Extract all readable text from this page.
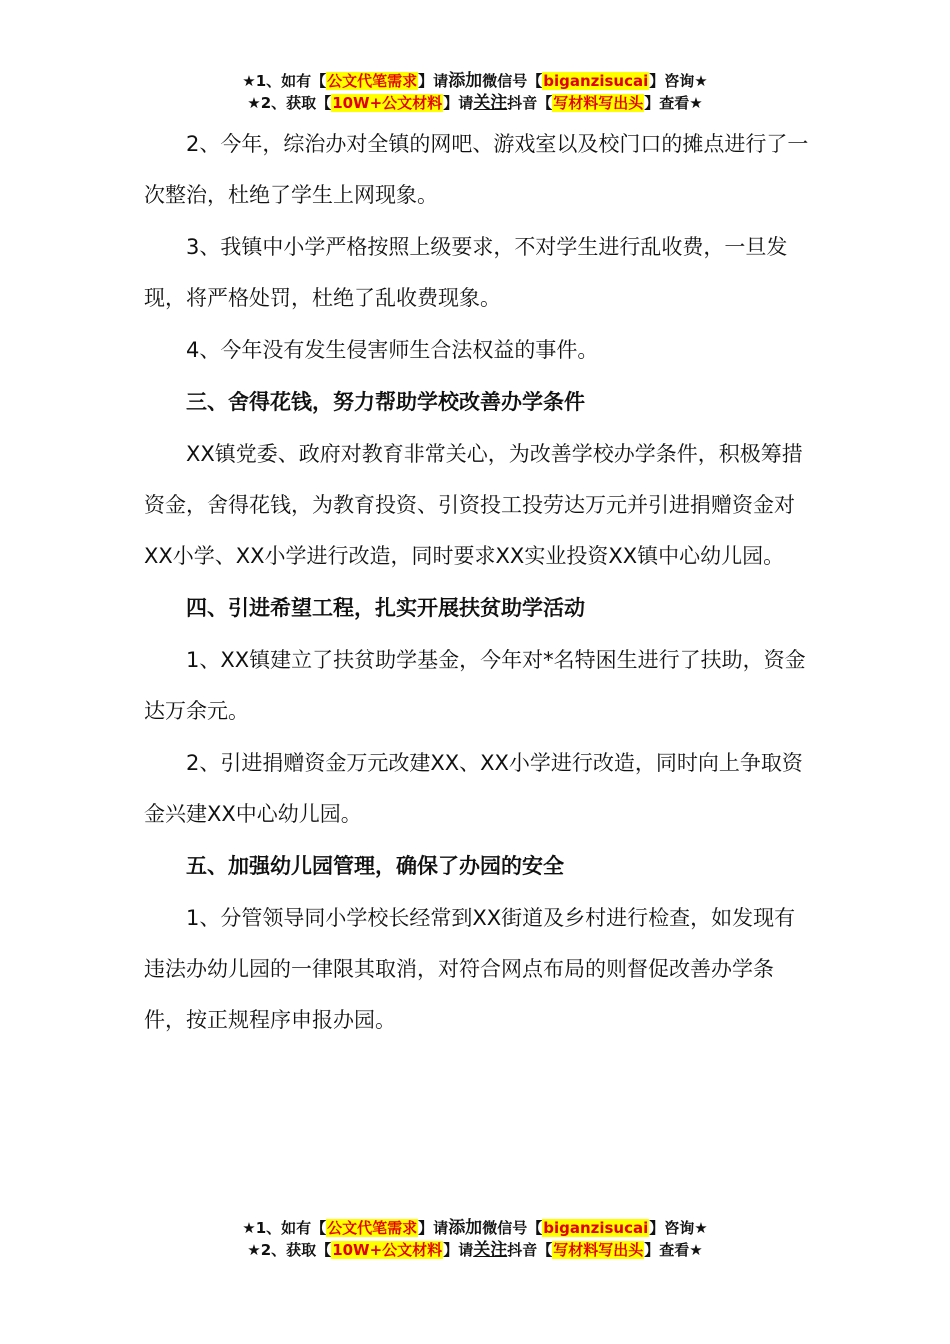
★1、如有【公文代笔需求】请添加微信号【biganzisucai】咨询★
★2、获取【10W+公文材料】请关注抖音【写材料写出头】查看★
2、今年，综治办对全镇的网吧、游戏室以及校门口的摊点进行了一次整治，杜绝了学生上网现象。
3、我镇中小学严格按照上级要求，不对学生进行乱收费，一旦发现，将严格处罚，杜绝了乱收费现象。
4、今年没有发生侵害师生合法权益的事件。
三、舍得花钱，努力帮助学校改善办学条件
XX镇党委、政府对教育非常关心，为改善学校办学条件，积极筹措资金，舍得花钱，为教育投资、引资投工投劳达万元并引进捐赠资金对XX小学、XX小学进行改造，同时要求XX实业投资XX镇中心幼儿园。
四、引进希望工程，扎实开展扶贫助学活动
1、XX镇建立了扶贫助学基金，今年对*名特困生进行了扶助，资金达万余元。
2、引进捐赠资金万元改建XX、XX小学进行改造，同时向上争取资金兴建XX中心幼儿园。
五、加强幼儿园管理，确保了办园的安全
1、分管领导同小学校长经常到XX街道及乡村进行检查，如发现有违法办幼儿园的一律限其取消，对符合网点布局的则督促改善办学条件，按正规程序申报办园。
★1、如有【公文代笔需求】请添加微信号【biganzisucai】咨询★
★2、获取【10W+公文材料】请关注抖音【写材料写出头】查看★
